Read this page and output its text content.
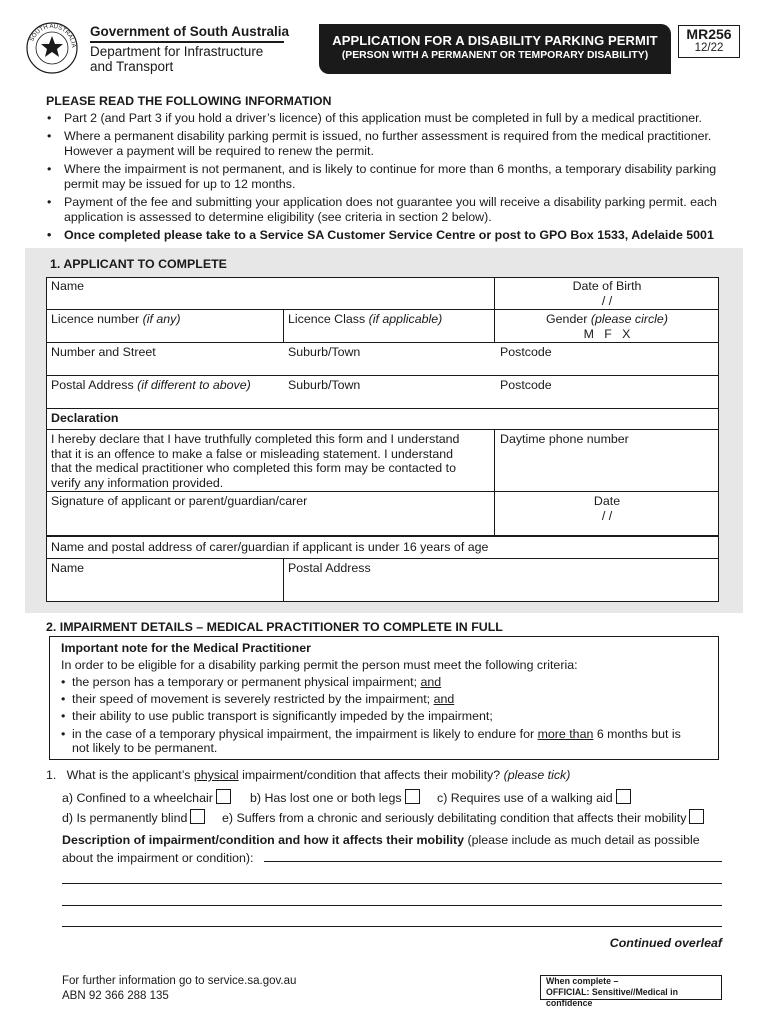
SOUTH AUSTRALIA
Government of South Australia
Department for Infrastructure
and Transport
APPLICATION FOR A DISABILITY PARKING PERMIT
(PERSON WITH A PERMANENT OR TEMPORARY DISABILITY)
MR256
12/22
PLEASE READ THE FOLLOWING INFORMATION
• Part 2 (and Part 3 if you hold a driver’s licence) of this application must be completed in full by a medical practitioner.
• Where a permanent disability parking permit is issued, no further assessment is required from the medical practitioner. However a payment will be required to renew the permit.
• Where the impairment is not permanent, and is likely to continue for more than 6 months, a temporary disability parking permit may be issued for up to 12 months.
• Payment of the fee and submitting your application does not guarantee you will receive a disability parking permit. each application is assessed to determine eligibility (see criteria in section 2 below).
• Once completed please take to a Service SA Customer Service Centre or post to GPO Box 1533, Adelaide 5001
1. APPLICANT TO COMPLETE
Name	Date of Birth
/ /
Licence number (if any)	Licence Class (if applicable)	Gender (please circle)
M   F   X
Number and Street	Suburb/Town	Postcode
Postal Address (if different to above)	Suburb/Town	Postcode
Declaration
I hereby declare that I have truthfully completed this form and I understand
that it is an offence to make a false or misleading statement. I understand
that the medical practitioner who completed this form may be contacted to
verify any information provided.
Daytime phone number
Signature of applicant or parent/guardian/carer	Date
/ /
Name and postal address of carer/guardian if applicant is under 16 years of age
Name	Postal Address
2. IMPAIRMENT DETAILS – MEDICAL PRACTITIONER TO COMPLETE IN FULL
Important note for the Medical Practitioner
In order to be eligible for a disability parking permit the person must meet the following criteria:
• the person has a temporary or permanent physical impairment; and
• their speed of movement is severely restricted by the impairment; and
• their ability to use public transport is significantly impeded by the impairment;
• in the case of a temporary physical impairment, the impairment is likely to endure for more than 6 months but is
not likely to be permanent.
1. What is the applicant’s physical impairment/condition that affects their mobility? (please tick)
a) Confined to a wheelchair	b) Has lost one or both legs	c) Requires use of a walking aid
d) Is permanently blind	e) Suffers from a chronic and seriously debilitating condition that affects their mobility
Description of impairment/condition and how it affects their mobility (please include as much detail as possible
about the impairment or condition):
Continued overleaf
For further information go to service.sa.gov.au
ABN 92 366 288 135
When complete –
OFFICIAL: Sensitive//Medical in confidence
